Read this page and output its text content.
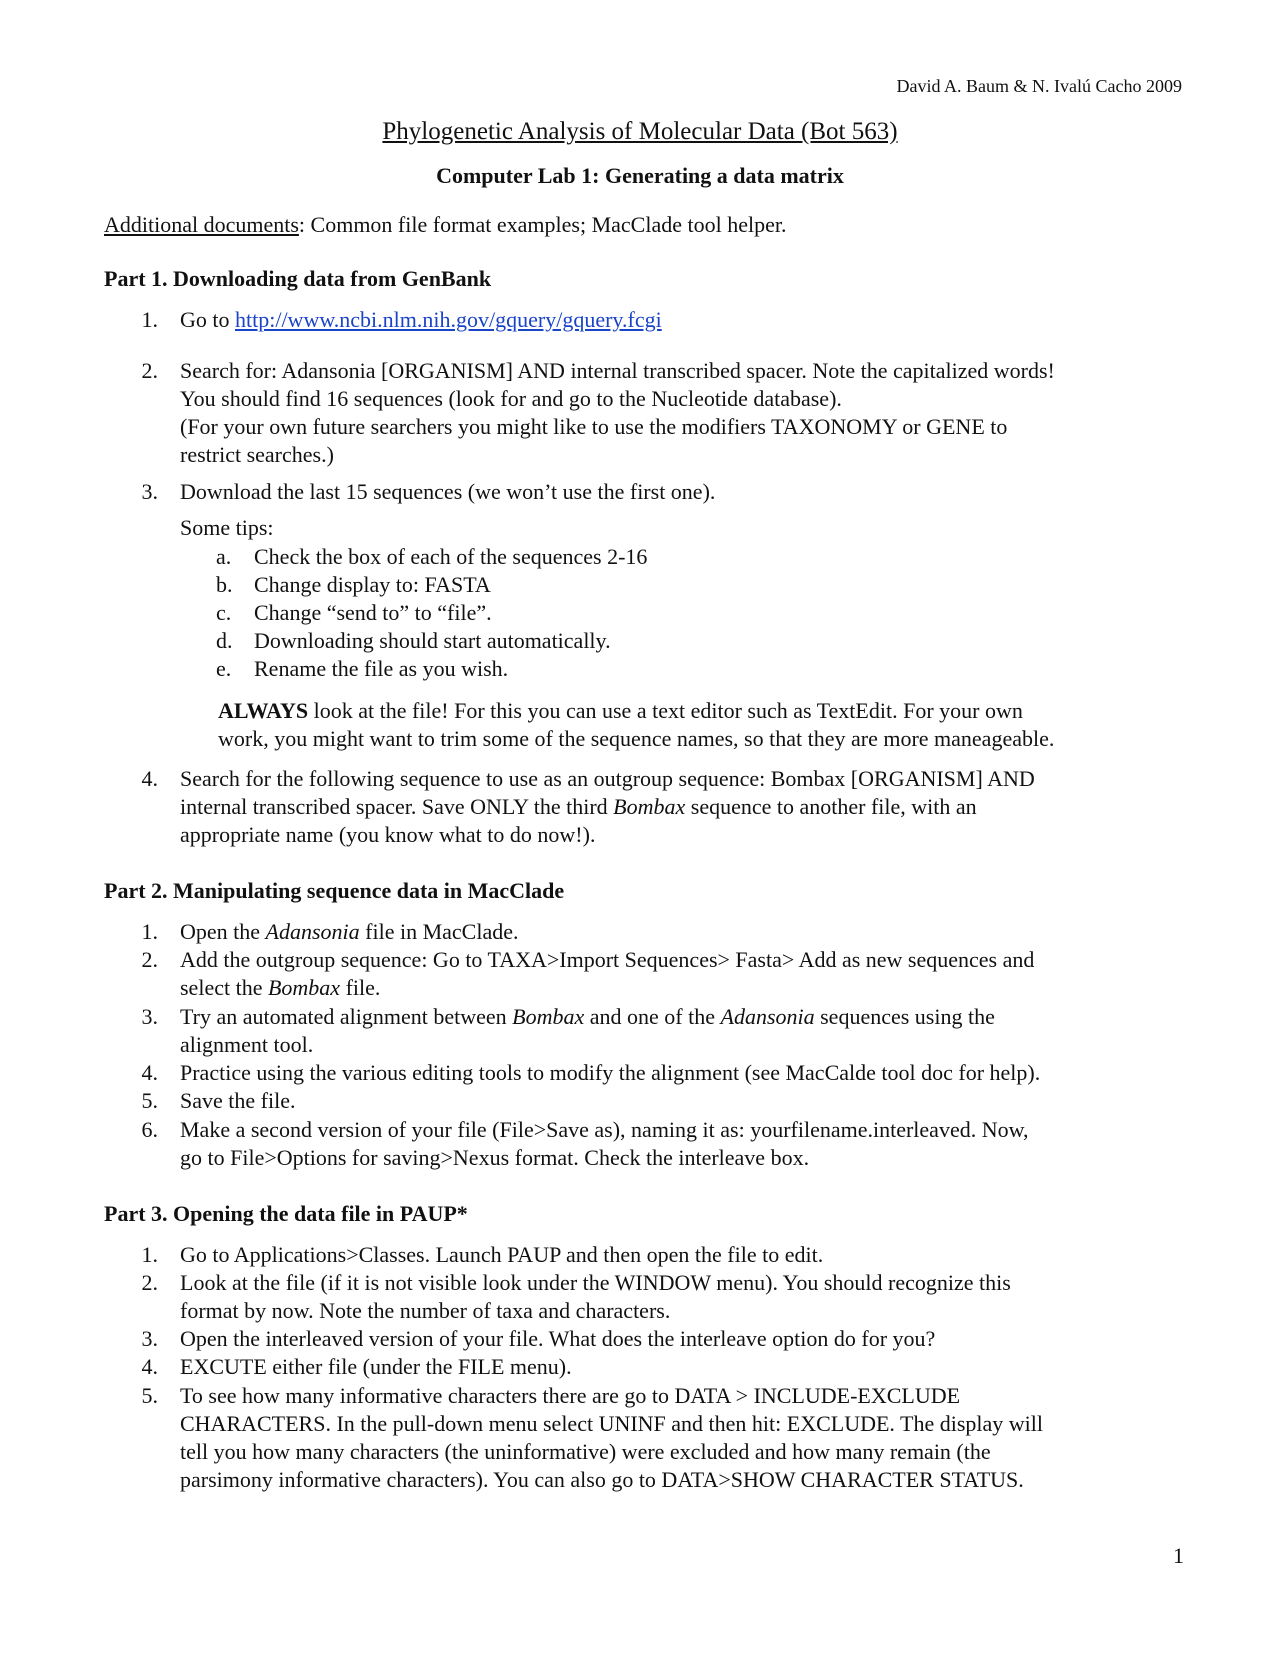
David A. Baum & N. Ivalú Cacho 2009
Phylogenetic Analysis of Molecular Data (Bot 563)
Computer Lab 1: Generating a data matrix
Additional documents: Common file format examples; MacClade tool helper.
Part 1. Downloading data from GenBank
1. Go to http://www.ncbi.nlm.nih.gov/gquery/gquery.fcgi
2. Search for: Adansonia [ORGANISM] AND internal transcribed spacer. Note the capitalized words!
You should find 16 sequences (look for and go to the Nucleotide database).
(For your own future searchers you might like to use the modifiers TAXONOMY or GENE to
restrict searches.)
3. Download the last 15 sequences (we won’t use the first one).
Some tips:
a. Check the box of each of the sequences 2-16
b. Change display to: FASTA
c. Change “send to” to “file”.
d. Downloading should start automatically.
e. Rename the file as you wish.
ALWAYS look at the file! For this you can use a text editor such as TextEdit. For your own
work, you might want to trim some of the sequence names, so that they are more maneageable.
4. Search for the following sequence to use as an outgroup sequence: Bombax [ORGANISM] AND
internal transcribed spacer. Save ONLY the third Bombax sequence to another file, with an
appropriate name (you know what to do now!).
Part 2. Manipulating sequence data in MacClade
1. Open the Adansonia file in MacClade.
2. Add the outgroup sequence: Go to TAXA>Import Sequences> Fasta> Add as new sequences and
select the Bombax file.
3. Try an automated alignment between Bombax and one of the Adansonia sequences using the
alignment tool.
4. Practice using the various editing tools to modify the alignment (see MacCalde tool doc for help).
5. Save the file.
6. Make a second version of your file (File>Save as), naming it as: yourfilename.interleaved. Now,
go to File>Options for saving>Nexus format. Check the interleave box.
Part 3. Opening the data file in PAUP*
1. Go to Applications>Classes. Launch PAUP and then open the file to edit.
2. Look at the file (if it is not visible look under the WINDOW menu). You should recognize this
format by now. Note the number of taxa and characters.
3. Open the interleaved version of your file. What does the interleave option do for you?
4. EXCUTE either file (under the FILE menu).
5. To see how many informative characters there are go to DATA > INCLUDE-EXCLUDE
CHARACTERS. In the pull-down menu select UNINF and then hit: EXCLUDE. The display will
tell you how many characters (the uninformative) were excluded and how many remain (the
parsimony informative characters). You can also go to DATA>SHOW CHARACTER STATUS.
1
